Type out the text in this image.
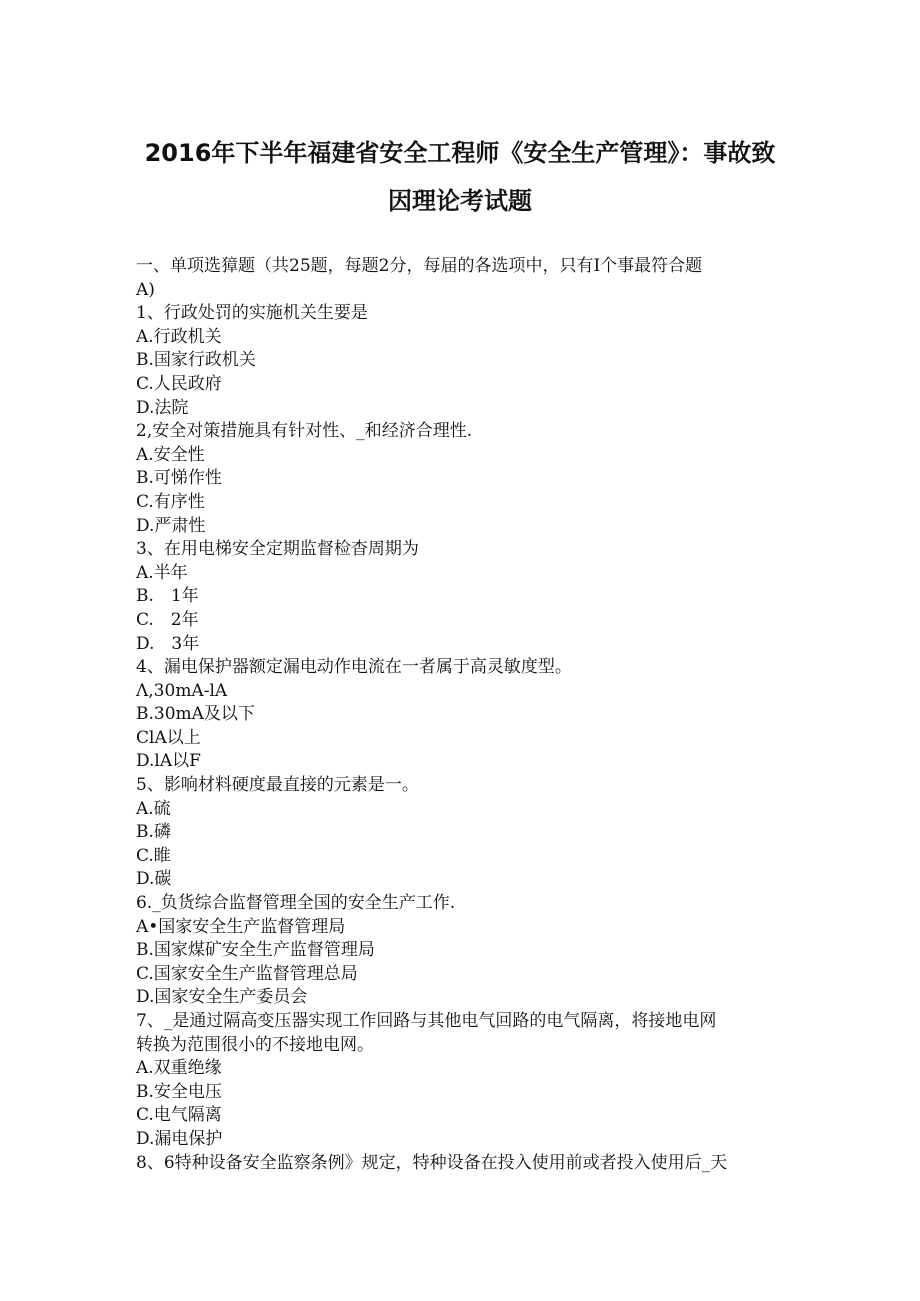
2016年下半年福建省安全工程师《安全生产管理》：事故致
因理论考试题
一、单项选獐题（共25题，每题2分，每届的各选项中，只有I个事最符合题
A)
1、行政处罚的实施机关生要是
A.行政机关
B.国家行政机关
C.人民政府
D.法院
2,安全对策措施具有针对性、_和经济合理性.
A.安全性
B.可悌作性
C.有序性
D.严肃性
3、在用电梯安全定期监督检杳周期为
A.半年
B.　1年
C.　2年
D.　3年
4、漏电保护器额定漏电动作电流在一者属于高灵敏度型。
Λ,30mA-lA
B.30mA及以下
ClA以上
D.lA以F
5、影响材料硬度最直接的元素是一。
A.硫
B.磷
C.睢
D.碳
6._负货综合监督管理全国的安全生产工作.
A•国家安全生产监督管理局
B.国家煤矿安全生产监督管理局
C.国家安全生产监督管理总局
D.国家安全生产委员会
7、_是通过隔高变压器实现工作回路与其他电气回路的电气隔离，将接地电网
转换为范围很小的不接地电网。
A.双重绝缘
B.安全电压
C.电气隔离
D.漏电保护
8、6特种设备安全监察条例》规定，特种设备在投入使用前或者投入使用后_天
